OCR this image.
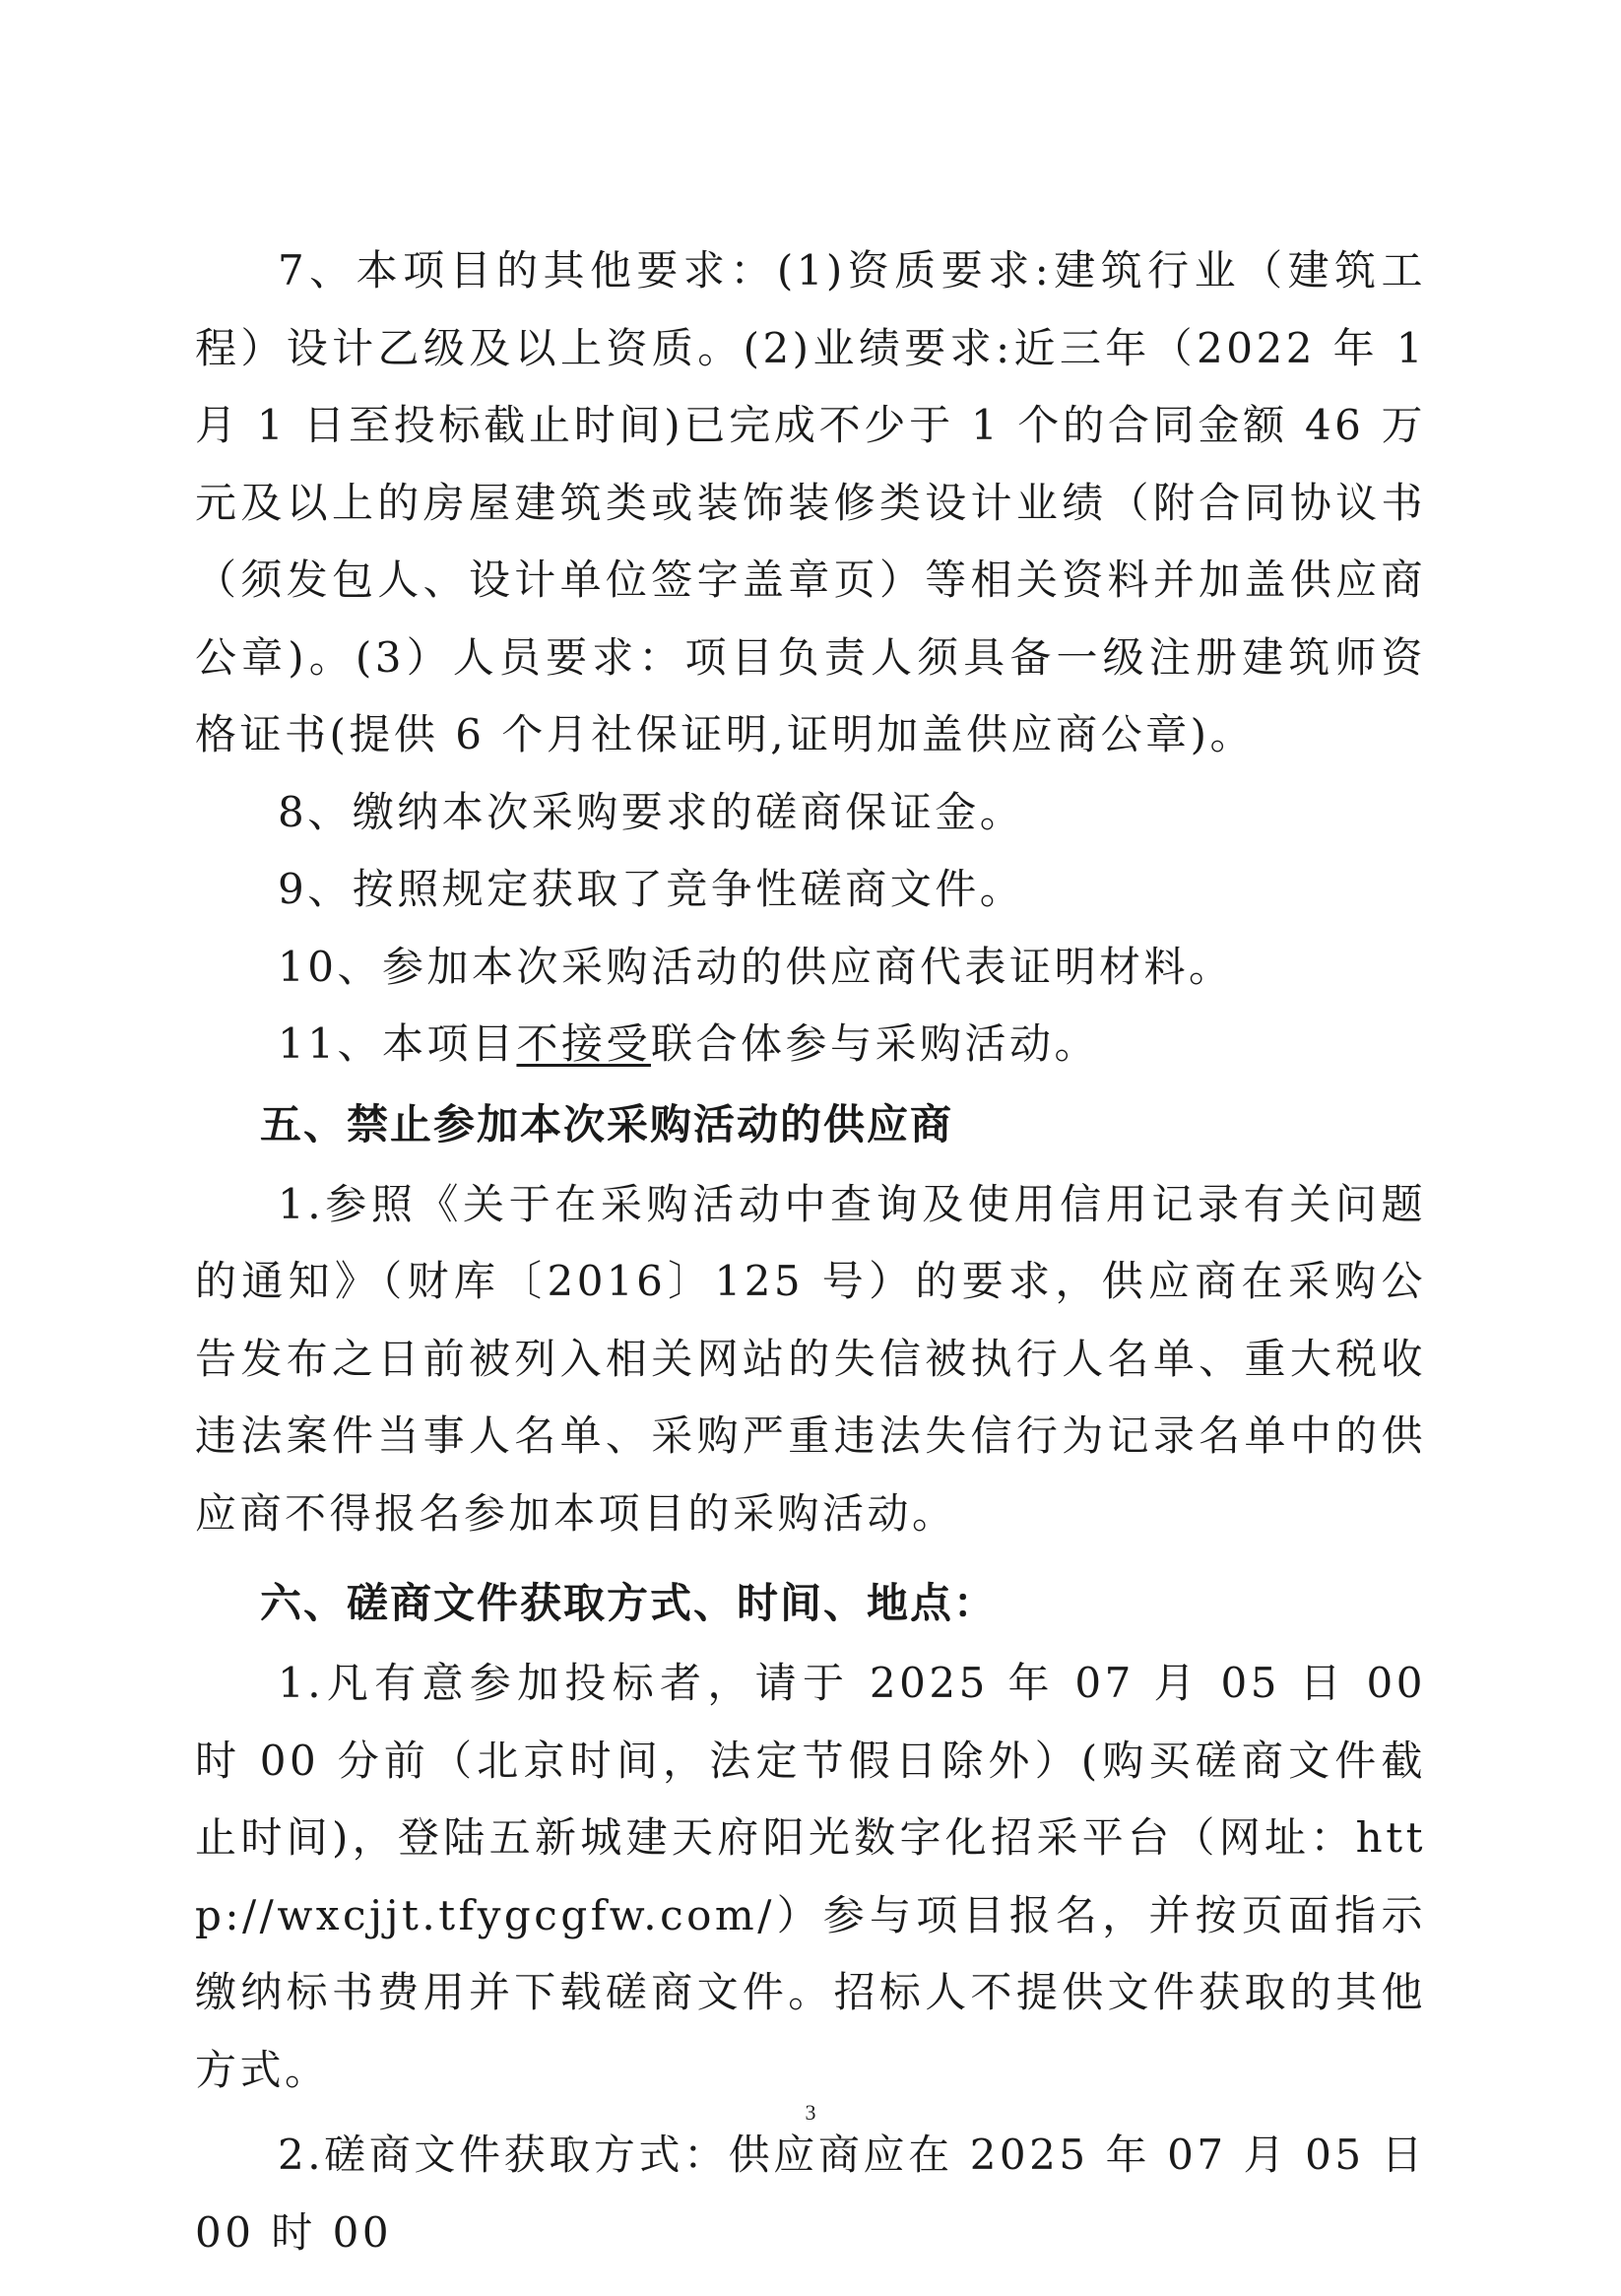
7、本项目的其他要求：(1)资质要求:建筑行业（建筑工程）设计乙级及以上资质。(2)业绩要求:近三年（2022 年 1 月 1 日至投标截止时间)已完成不少于 1 个的合同金额 46 万元及以上的房屋建筑类或装饰装修类设计业绩（附合同协议书（须发包人、设计单位签字盖章页）等相关资料并加盖供应商公章)。(3）人员要求：项目负责人须具备一级注册建筑师资格证书(提供 6 个月社保证明,证明加盖供应商公章)。

8、缴纳本次采购要求的磋商保证金。

9、按照规定获取了竞争性磋商文件。

10、参加本次采购活动的供应商代表证明材料。

11、本项目不接受联合体参与采购活动。

五、禁止参加本次采购活动的供应商

1.参照《关于在采购活动中查询及使用信用记录有关问题的通知》（财库〔2016〕125 号）的要求，供应商在采购公告发布之日前被列入相关网站的失信被执行人名单、重大税收违法案件当事人名单、采购严重违法失信行为记录名单中的供应商不得报名参加本项目的采购活动。

六、磋商文件获取方式、时间、地点：

1.凡有意参加投标者，请于 2025 年 07 月 05 日 00 时 00 分前（北京时间，法定节假日除外）(购买磋商文件截止时间)，登陆五新城建天府阳光数字化招采平台（网址：http://wxcjjt.tfygcgfw.com/）参与项目报名，并按页面指示缴纳标书费用并下载磋商文件。招标人不提供文件获取的其他方式。

2.磋商文件获取方式：供应商应在 2025 年 07 月 05 日 00 时 00

3
